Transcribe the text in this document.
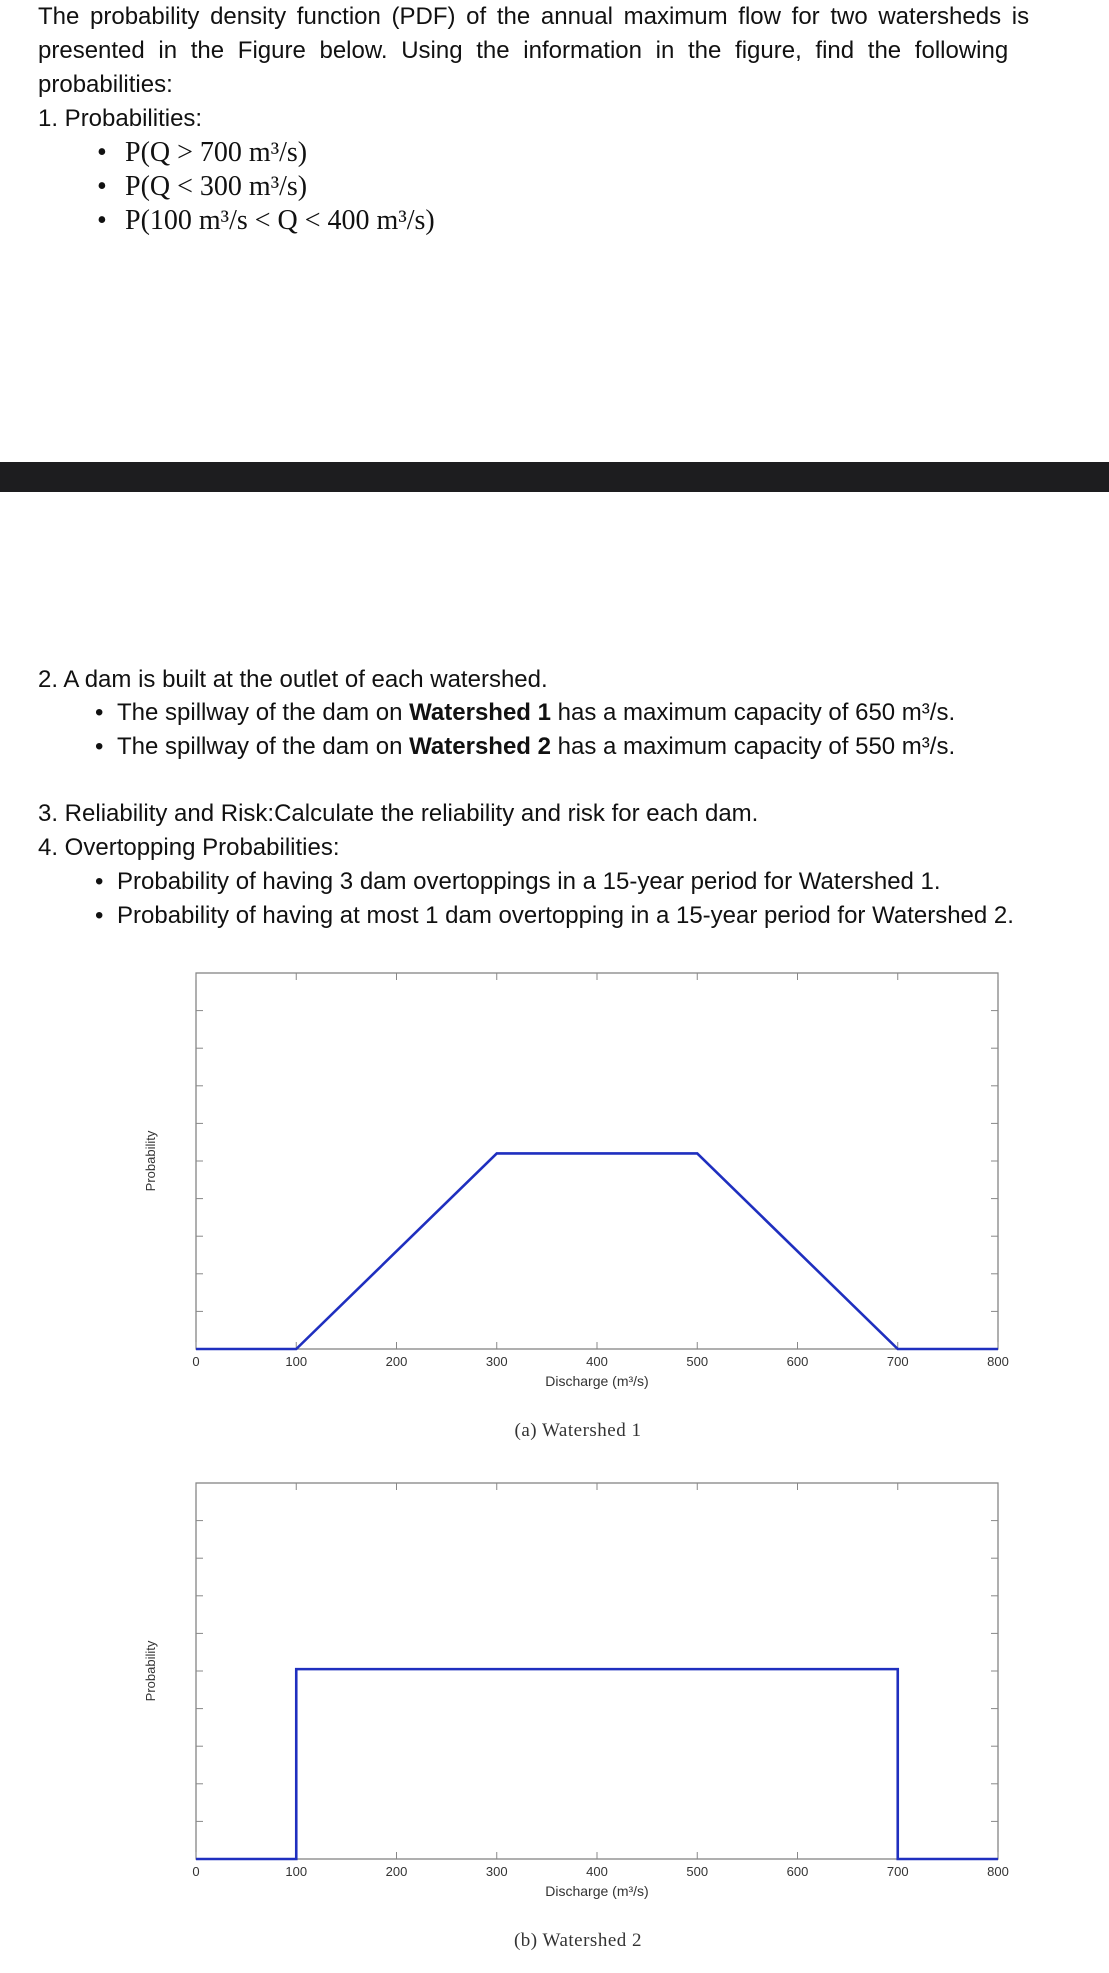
The probability density function (PDF) of the annual maximum flow for two watersheds is
presented in the Figure below. Using the information in the figure, find the following
probabilities:
1. Probabilities:
• P(Q > 700 m³/s)
• P(Q < 300 m³/s)
• P(100 m³/s < Q < 400 m³/s)
2. A dam is built at the outlet of each watershed.
• The spillway of the dam on Watershed 1 has a maximum capacity of 650 m³/s.
• The spillway of the dam on Watershed 2 has a maximum capacity of 550 m³/s.
3. Reliability and Risk:Calculate the reliability and risk for each dam.
4. Overtopping Probabilities:
• Probability of having 3 dam overtoppings in a 15-year period for Watershed 1.
• Probability of having at most 1 dam overtopping in a 15-year period for Watershed 2.
0	100	200	300	400	500	600	700	800
Discharge (m³/s)
Probability
(a) Watershed 1
0	100	200	300	400	500	600	700	800
Discharge (m³/s)
Probability
(b) Watershed 2
